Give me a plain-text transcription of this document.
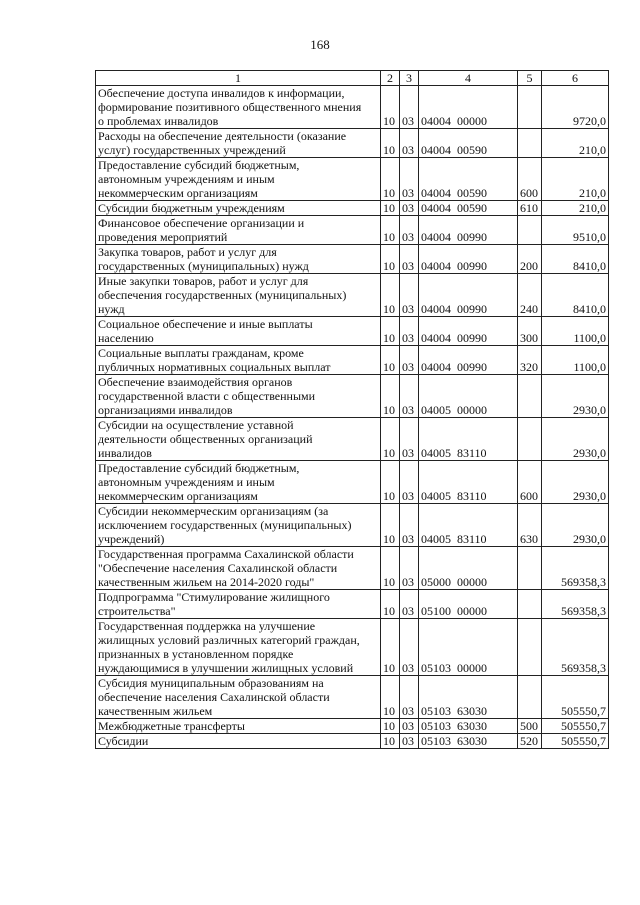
168
1	2	3	4	5	6
Обеспечение доступа инвалидов к информации,
формирование позитивного общественного мнения
о проблемах инвалидов	10	03	04004  00000		9720,0
Расходы на обеспечение деятельности (оказание
услуг) государственных учреждений	10	03	04004  00590		210,0
Предоставление субсидий бюджетным,
автономным учреждениям и иным
некоммерческим организациям	10	03	04004  00590	600	210,0
Субсидии бюджетным учреждениям	10	03	04004  00590	610	210,0
Финансовое обеспечение организации и
проведения мероприятий	10	03	04004  00990		9510,0
Закупка товаров, работ и услуг для
государственных (муниципальных) нужд	10	03	04004  00990	200	8410,0
Иные закупки товаров, работ и услуг для
обеспечения государственных (муниципальных)
нужд	10	03	04004  00990	240	8410,0
Социальное обеспечение и иные выплаты
населению	10	03	04004  00990	300	1100,0
Социальные выплаты гражданам, кроме
публичных нормативных социальных выплат	10	03	04004  00990	320	1100,0
Обеспечение взаимодействия органов
государственной власти с общественными
организациями инвалидов	10	03	04005  00000		2930,0
Субсидии на осуществление уставной
деятельности общественных организаций
инвалидов	10	03	04005  83110		2930,0
Предоставление субсидий бюджетным,
автономным учреждениям и иным
некоммерческим организациям	10	03	04005  83110	600	2930,0
Субсидии некоммерческим организациям (за
исключением государственных (муниципальных)
учреждений)	10	03	04005  83110	630	2930,0
Государственная программа Сахалинской области
"Обеспечение населения Сахалинской области
качественным жильем на 2014-2020 годы"	10	03	05000  00000		569358,3
Подпрограмма "Стимулирование жилищного
строительства"	10	03	05100  00000		569358,3
Государственная поддержка на улучшение
жилищных условий различных категорий граждан,
признанных в установленном порядке
нуждающимися в улучшении жилищных условий	10	03	05103  00000		569358,3
Субсидия муниципальным образованиям на
обеспечение населения Сахалинской области
качественным жильем	10	03	05103  63030		505550,7
Межбюджетные трансферты	10	03	05103  63030	500	505550,7
Субсидии	10	03	05103  63030	520	505550,7
